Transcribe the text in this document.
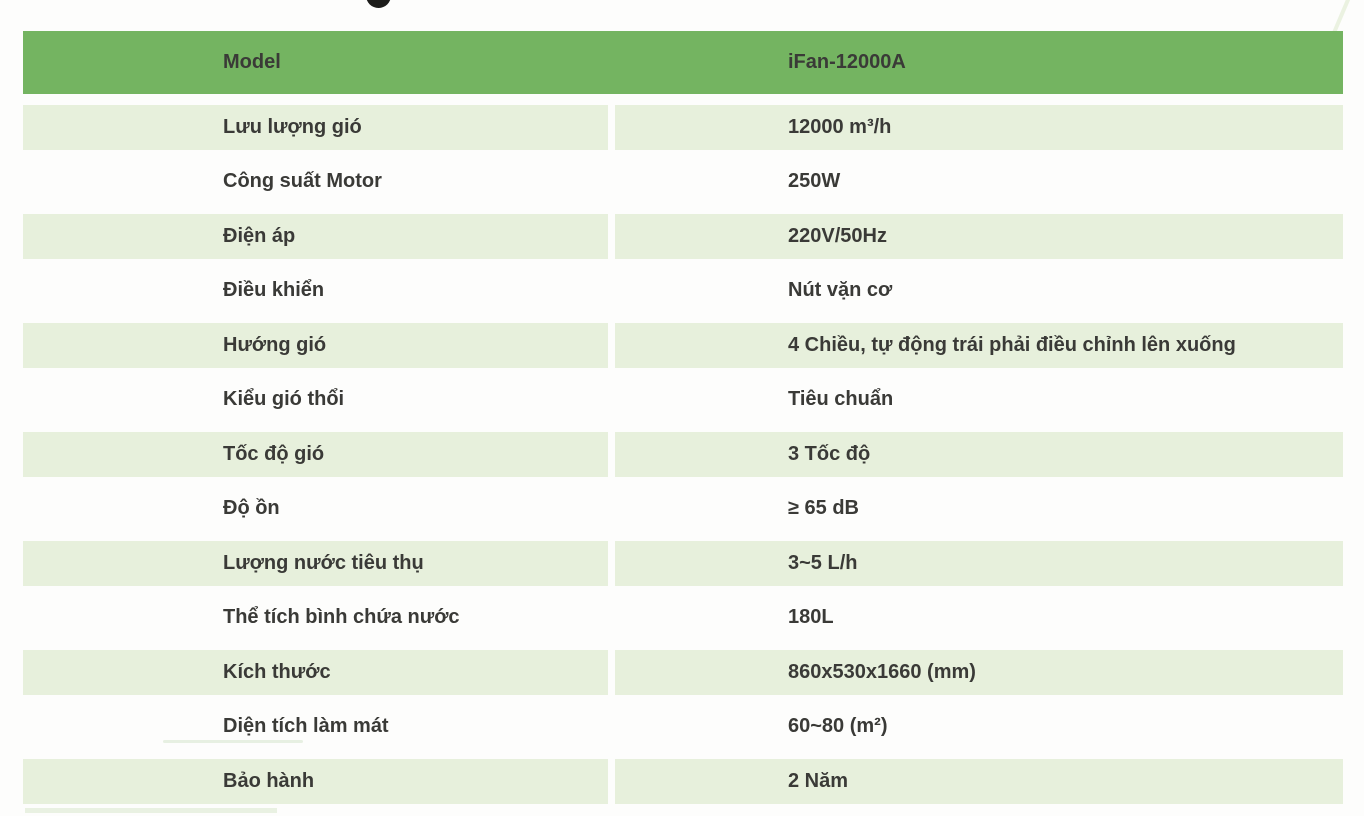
Model	iFan-12000A
Lưu lượng gió	12000 m³/h
Công suất Motor	250W
Điện áp	220V/50Hz
Điều khiển	Nút vặn cơ
Hướng gió	4 Chiều, tự động trái phải điều chỉnh lên xuống
Kiểu gió thổi	Tiêu chuẩn
Tốc độ gió	3 Tốc độ
Độ ồn	≥ 65 dB
Lượng nước tiêu thụ	3~5 L/h
Thể tích bình chứa nước	180L
Kích thước	860x530x1660 (mm)
Diện tích làm mát	60~80 (m²)
Bảo hành	2 Năm
